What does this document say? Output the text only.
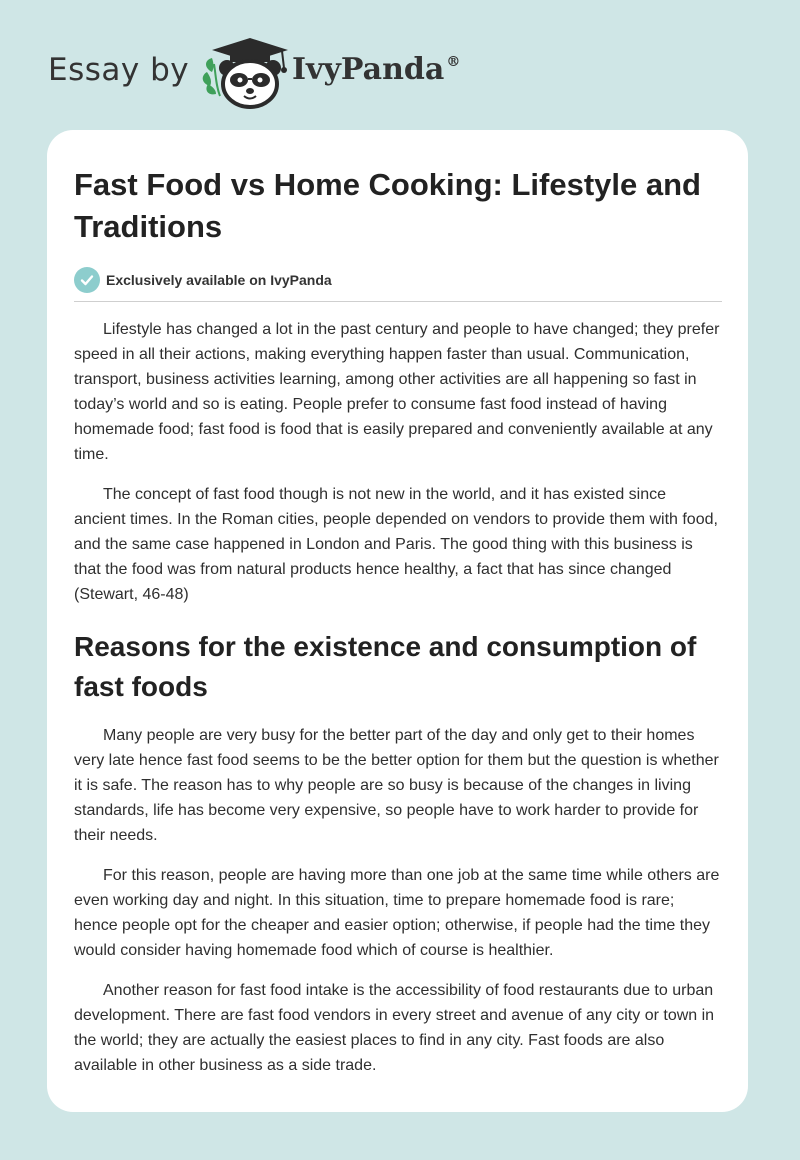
Essay by	IvyPanda ®
Fast Food vs Home Cooking: Lifestyle and Traditions
Exclusively available on IvyPanda

Lifestyle has changed a lot in the past century and people to have changed; they prefer speed in all their actions, making everything happen faster than usual. Communication, transport, business activities learning, among other activities are all happening so fast in today’s world and so is eating. People prefer to consume fast food instead of having homemade food; fast food is food that is easily prepared and conveniently available at any time.

The concept of fast food though is not new in the world, and it has existed since ancient times. In the Roman cities, people depended on vendors to provide them with food, and the same case happened in London and Paris. The good thing with this business is that the food was from natural products hence healthy, a fact that has since changed (Stewart, 46-48)

Reasons for the existence and consumption of fast foods

Many people are very busy for the better part of the day and only get to their homes very late hence fast food seems to be the better option for them but the question is whether it is safe. The reason has to why people are so busy is because of the changes in living standards, life has become very expensive, so people have to work harder to provide for their needs.

For this reason, people are having more than one job at the same time while others are even working day and night. In this situation, time to prepare homemade food is rare; hence people opt for the cheaper and easier option; otherwise, if people had the time they would consider having homemade food which of course is healthier.

Another reason for fast food intake is the accessibility of food restaurants due to urban development. There are fast food vendors in every street and avenue of any city or town in the world; they are actually the easiest places to find in any city. Fast foods are also available in other business as a side trade.
